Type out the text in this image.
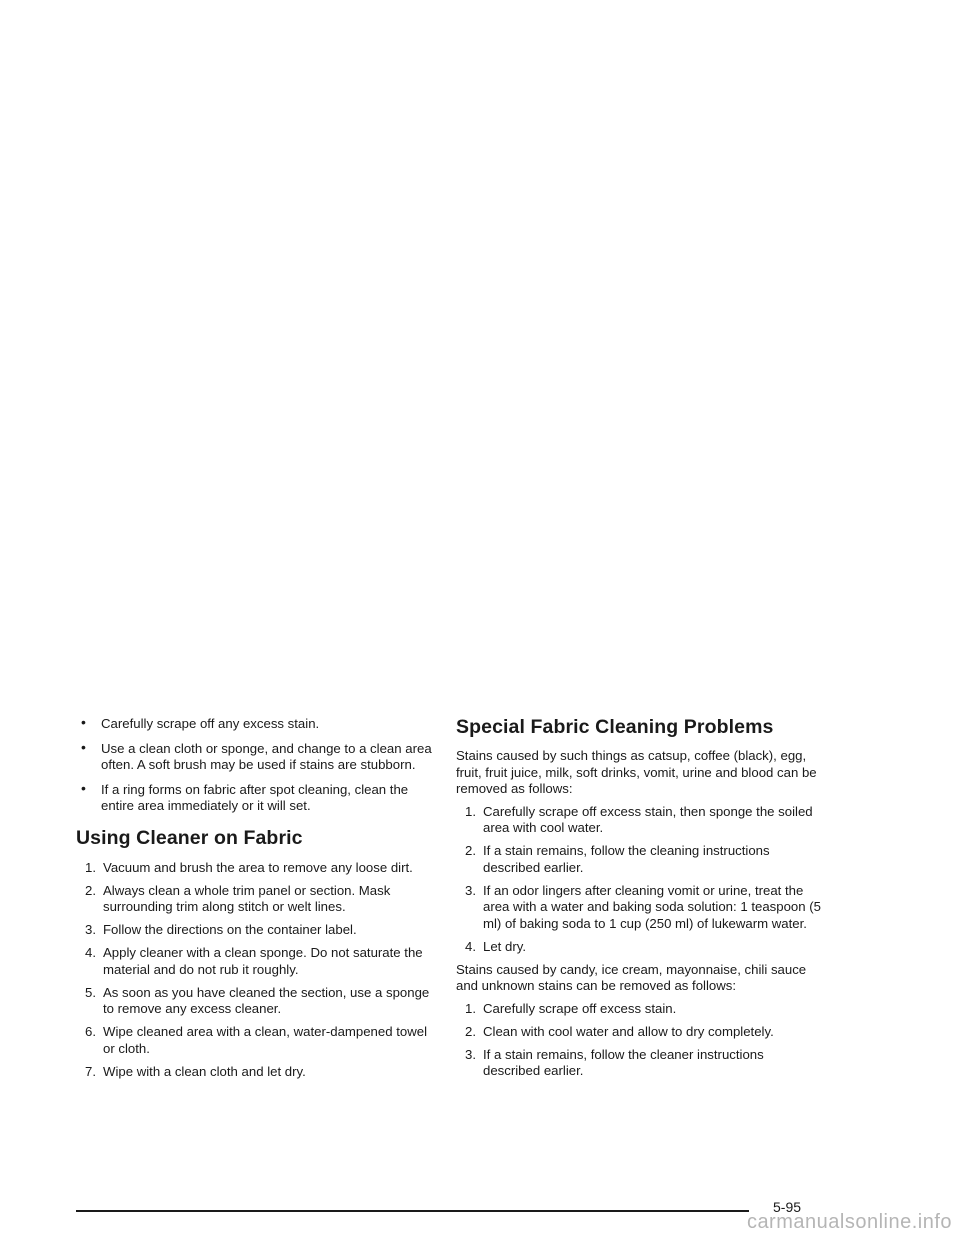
• Carefully scrape off any excess stain.
• Use a clean cloth or sponge, and change to a clean area often. A soft brush may be used if stains are stubborn.
• If a ring forms on fabric after spot cleaning, clean the entire area immediately or it will set.
Using Cleaner on Fabric
1. Vacuum and brush the area to remove any loose dirt.
2. Always clean a whole trim panel or section. Mask surrounding trim along stitch or welt lines.
3. Follow the directions on the container label.
4. Apply cleaner with a clean sponge. Do not saturate the material and do not rub it roughly.
5. As soon as you have cleaned the section, use a sponge to remove any excess cleaner.
6. Wipe cleaned area with a clean, water-dampened towel or cloth.
7. Wipe with a clean cloth and let dry.
Special Fabric Cleaning Problems

Stains caused by such things as catsup, coffee (black), egg, fruit, fruit juice, milk, soft drinks, vomit, urine and blood can be removed as follows:

1. Carefully scrape off excess stain, then sponge the soiled area with cool water.
2. If a stain remains, follow the cleaning instructions described earlier.
3. If an odor lingers after cleaning vomit or urine, treat the area with a water and baking soda solution: 1 teaspoon (5 ml) of baking soda to 1 cup (250 ml) of lukewarm water.
4. Let dry.

Stains caused by candy, ice cream, mayonnaise, chili sauce and unknown stains can be removed as follows:

1. Carefully scrape off excess stain.
2. Clean with cool water and allow to dry completely.
3. If a stain remains, follow the cleaner instructions described earlier.
5-95
carmanualsonline.info
